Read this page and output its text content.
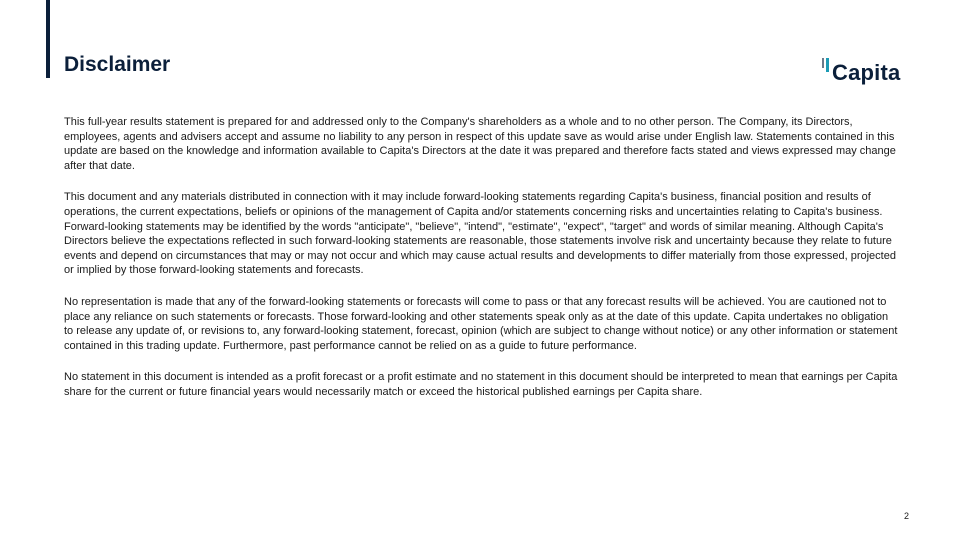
Disclaimer	Capita

This full-year results statement is prepared for and addressed only to the Company's shareholders as a whole and to no other person. The Company, its Directors, employees, agents and advisers accept and assume no liability to any person in respect of this update save as would arise under English law. Statements contained in this update are based on the knowledge and information available to Capita's Directors at the date it was prepared and therefore facts stated and views expressed may change after that date.

This document and any materials distributed in connection with it may include forward-looking statements regarding Capita's business, financial position and results of operations, the current expectations, beliefs or opinions of the management of Capita and/or statements concerning risks and uncertainties relating to Capita's business. Forward-looking statements may be identified by the words "anticipate", "believe", "intend", "estimate", "expect", "target" and words of similar meaning. Although Capita's Directors believe the expectations reflected in such forward-looking statements are reasonable, those statements involve risk and uncertainty because they relate to future events and depend on circumstances that may or may not occur and which may cause actual results and developments to differ materially from those expressed, projected or implied by those forward-looking statements and forecasts.

No representation is made that any of the forward-looking statements or forecasts will come to pass or that any forecast results will be achieved. You are cautioned not to place any reliance on such statements or forecasts. Those forward-looking and other statements speak only as at the date of this update. Capita undertakes no obligation to release any update of, or revisions to, any forward-looking statement, forecast, opinion (which are subject to change without notice) or any other information or statement contained in this trading update. Furthermore, past performance cannot be relied on as a guide to future performance.

No statement in this document is intended as a profit forecast or a profit estimate and no statement in this document should be interpreted to mean that earnings per Capita share for the current or future financial years would necessarily match or exceed the historical published earnings per Capita share.

2
